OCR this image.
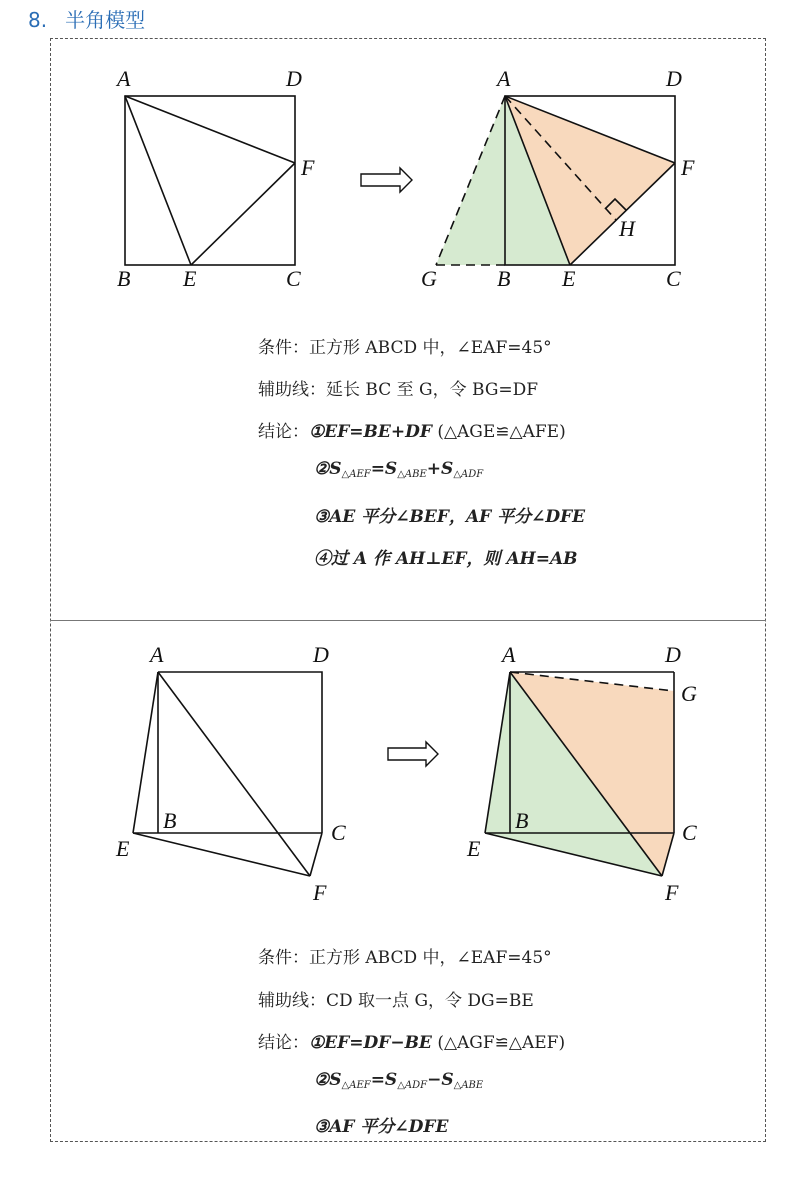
8. 半角模型
A	D
F
B E	C
A	D
F
H
G	B E	C
A	D
B	C
E
F
A	D
G
B	C
E
F
条件：正方形 ABCD 中，∠EAF=45°
辅助线：延长 BC 至 G，令 BG=DF
结论：①EF=BE+DF (△AGE≌△AFE)
$②S_{\triangle AEF}=S_{\triangle ABE}+S_{\triangle ADF}$
③AE 平分∠BEF，AF 平分∠DFE
④过 A 作 AH⊥EF，则 AH=AB
条件：正方形 ABCD 中，∠EAF=45°
辅助线：CD 取一点 G，令 DG=BE
结论：①EF=DF−BE (△AGF≌△AEF)
$②S_{\triangle AEF}=S_{\triangle ADF}-S_{\triangle ABE}$
③AF 平分∠DFE
